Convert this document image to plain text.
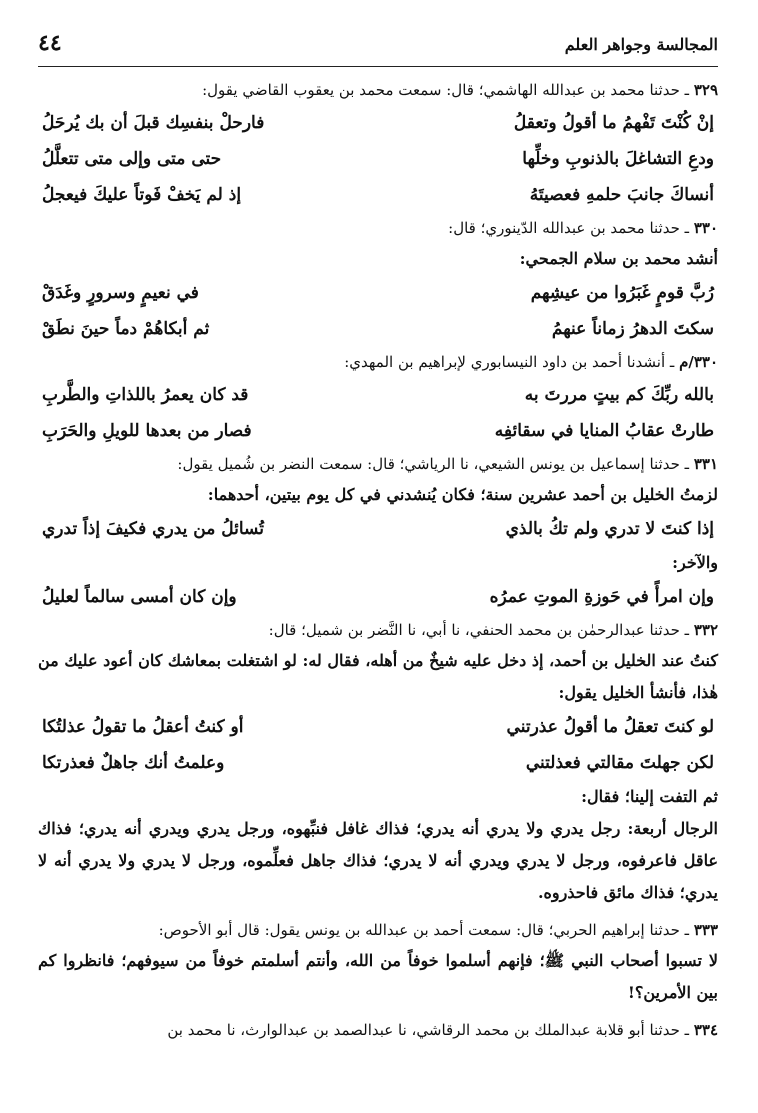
المجالسة وجواهر العلم
٤٤

٣٢٩ ـ حدثنا محمد بن عبدالله الهاشمي؛ قال: سمعت محمد بن يعقوب القاضي يقول:

إنْ كُنْتَ تَفْهمُ ما أقولُ وتعقلُ
فارحلْ بنفسِك قبلَ أن بك يُرحَلُ
ودعِ التشاغلَ بالذنوبِ وخلِّها
حتى متى وإلى متى تتعلَّلُ
أنساكَ جانبَ حلمهِ فعصيتَهُ
إذ لم يَخفْ فَوتاً عليكَ فيعجلُ

٣٣٠ ـ حدثنا محمد بن عبدالله الدّينوري؛ قال:

أنشد محمد بن سلام الجمحي:

رُبَّ قومٍ غَبَرُوا من عيشِهم
في نعيمٍ وسرورٍ وغَدَقْ
سكتَ الدهرُ زماناً عنهمُ
ثم أبكاهُمْ دماً حينَ نطَقْ

٣٣٠/م ـ أنشدنا أحمد بن داود النيسابوري لإبراهيم بن المهدي:

بالله ربِّكَ كم بيتٍ مررتَ به
قد كان يعمرُ باللذاتِ والطَّربِ
طارتْ عقابُ المنايا في سقائفِه
فصار من بعدها للويلِ والحَرَبِ

٣٣١ ـ حدثنا إسماعيل بن يونس الشيعي، نا الرياشي؛ قال: سمعت النضر بن شُميل يقول:

لزمتُ الخليل بن أحمد عشرين سنة؛ فكان يُنشدني في كل يوم بيتين، أحدهما:

إذا كنتَ لا تدري ولم تكُ بالذي
تُسائلُ من يدري فكيفَ إذاً تدري

والآخر:

وإن امرأً في حَوزةِ الموتِ عمرُه
وإن كان أمسى سالماً لعليلُ

٣٣٢ ـ حدثنا عبدالرحمٰن بن محمد الحنفي، نا أبي، نا النَّضر بن شميل؛ قال:

كنتُ عند الخليل بن أحمد، إذ دخل عليه شيخٌ من أهله، فقال له: لو اشتغلت بمعاشك كان أعود عليك من هٰذا، فأنشأ الخليل يقول:

لو كنتَ تعقلُ ما أقولُ عذرتني
أو كنتُ أعقلُ ما تقولُ عذلتُكا
لكن جهلتَ مقالتي فعذلتني
وعلمتُ أنك جاهلٌ فعذرتكا

ثم التفت إلينا؛ فقال:

الرجال أربعة: رجل يدري ولا يدري أنه يدري؛ فذاك غافل فنبِّهوه، ورجل يدري ويدري أنه يدري؛ فذاك عاقل فاعرفوه، ورجل لا يدري ويدري أنه لا يدري؛ فذاك جاهل فعلِّموه، ورجل لا يدري ولا يدري أنه لا يدري؛ فذاك مائق فاحذروه.

٣٣٣ ـ حدثنا إبراهيم الحربي؛ قال: سمعت أحمد بن عبدالله بن يونس يقول: قال أبو الأحوص:

لا تسبوا أصحاب النبي ﷺ؛ فإنهم أسلموا خوفاً من الله، وأنتم أسلمتم خوفاً من سيوفهم؛ فانظروا كم بين الأمرين؟!

٣٣٤ ـ حدثنا أبو قلابة عبدالملك بن محمد الرقاشي، نا عبدالصمد بن عبدالوارث، نا محمد بن
